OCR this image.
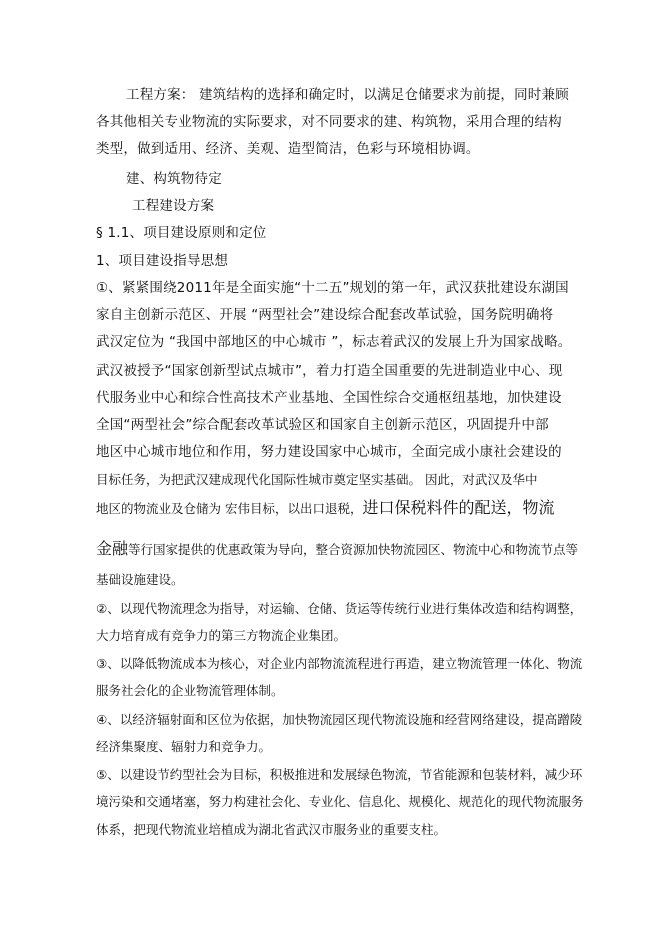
工程方案： 建筑结构的选择和确定时，以满足仓储要求为前提，同时兼顾
各其他相关专业物流的实际要求，对不同要求的建、构筑物，采用合理的结构
类型，做到适用、经济、美观、造型简洁，色彩与环境相协调。
建、构筑物待定
工程建设方案
§ 1.1、项目建设原则和定位
1、项目建设指导思想
①、紧紧围绕2011年是全面实施“十二五”规划的第一年，武汉获批建设东湖国
家自主创新示范区、开展 “两型社会”建设综合配套改革试验，国务院明确将
武汉定位为 “我国中部地区的中心城市 ”，标志着武汉的发展上升为国家战略。
武汉被授予“国家创新型试点城市”，着力打造全国重要的先进制造业中心、现
代服务业中心和综合性高技术产业基地、全国性综合交通枢纽基地，加快建设
全国“两型社会”综合配套改革试验区和国家自主创新示范区，巩固提升中部
地区中心城市地位和作用，努力建设国家中心城市，全面完成小康社会建设的
目标任务，为把武汉建成现代化国际性城市奠定坚实基础。 因此，对武汉及华中
地区的物流业及仓储为 宏伟目标，以出口退税，进口保税料件的配送，物流
金融等行国家提供的优惠政策为导向，整合资源加快物流园区、物流中心和物流节点等
基础设施建设。
②、以现代物流理念为指导，对运输、仓储、货运等传统行业进行集体改造和结构调整，
大力培育成有竞争力的第三方物流企业集团。
③、以降低物流成本为核心，对企业内部物流流程进行再造，建立物流管理一体化、物流
服务社会化的企业物流管理体制。
④、以经济辐射面和区位为依据，加快物流园区现代物流设施和经营网络建设，提高蹭陵
经济集聚度、辐射力和竞争力。
⑤、以建设节约型社会为目标，积极推进和发展绿色物流，节省能源和包装材料，减少环
境污染和交通堵塞，努力构建社会化、专业化、信息化、规模化、规范化的现代物流服务
体系，把现代物流业培植成为湖北省武汉市服务业的重要支柱。
